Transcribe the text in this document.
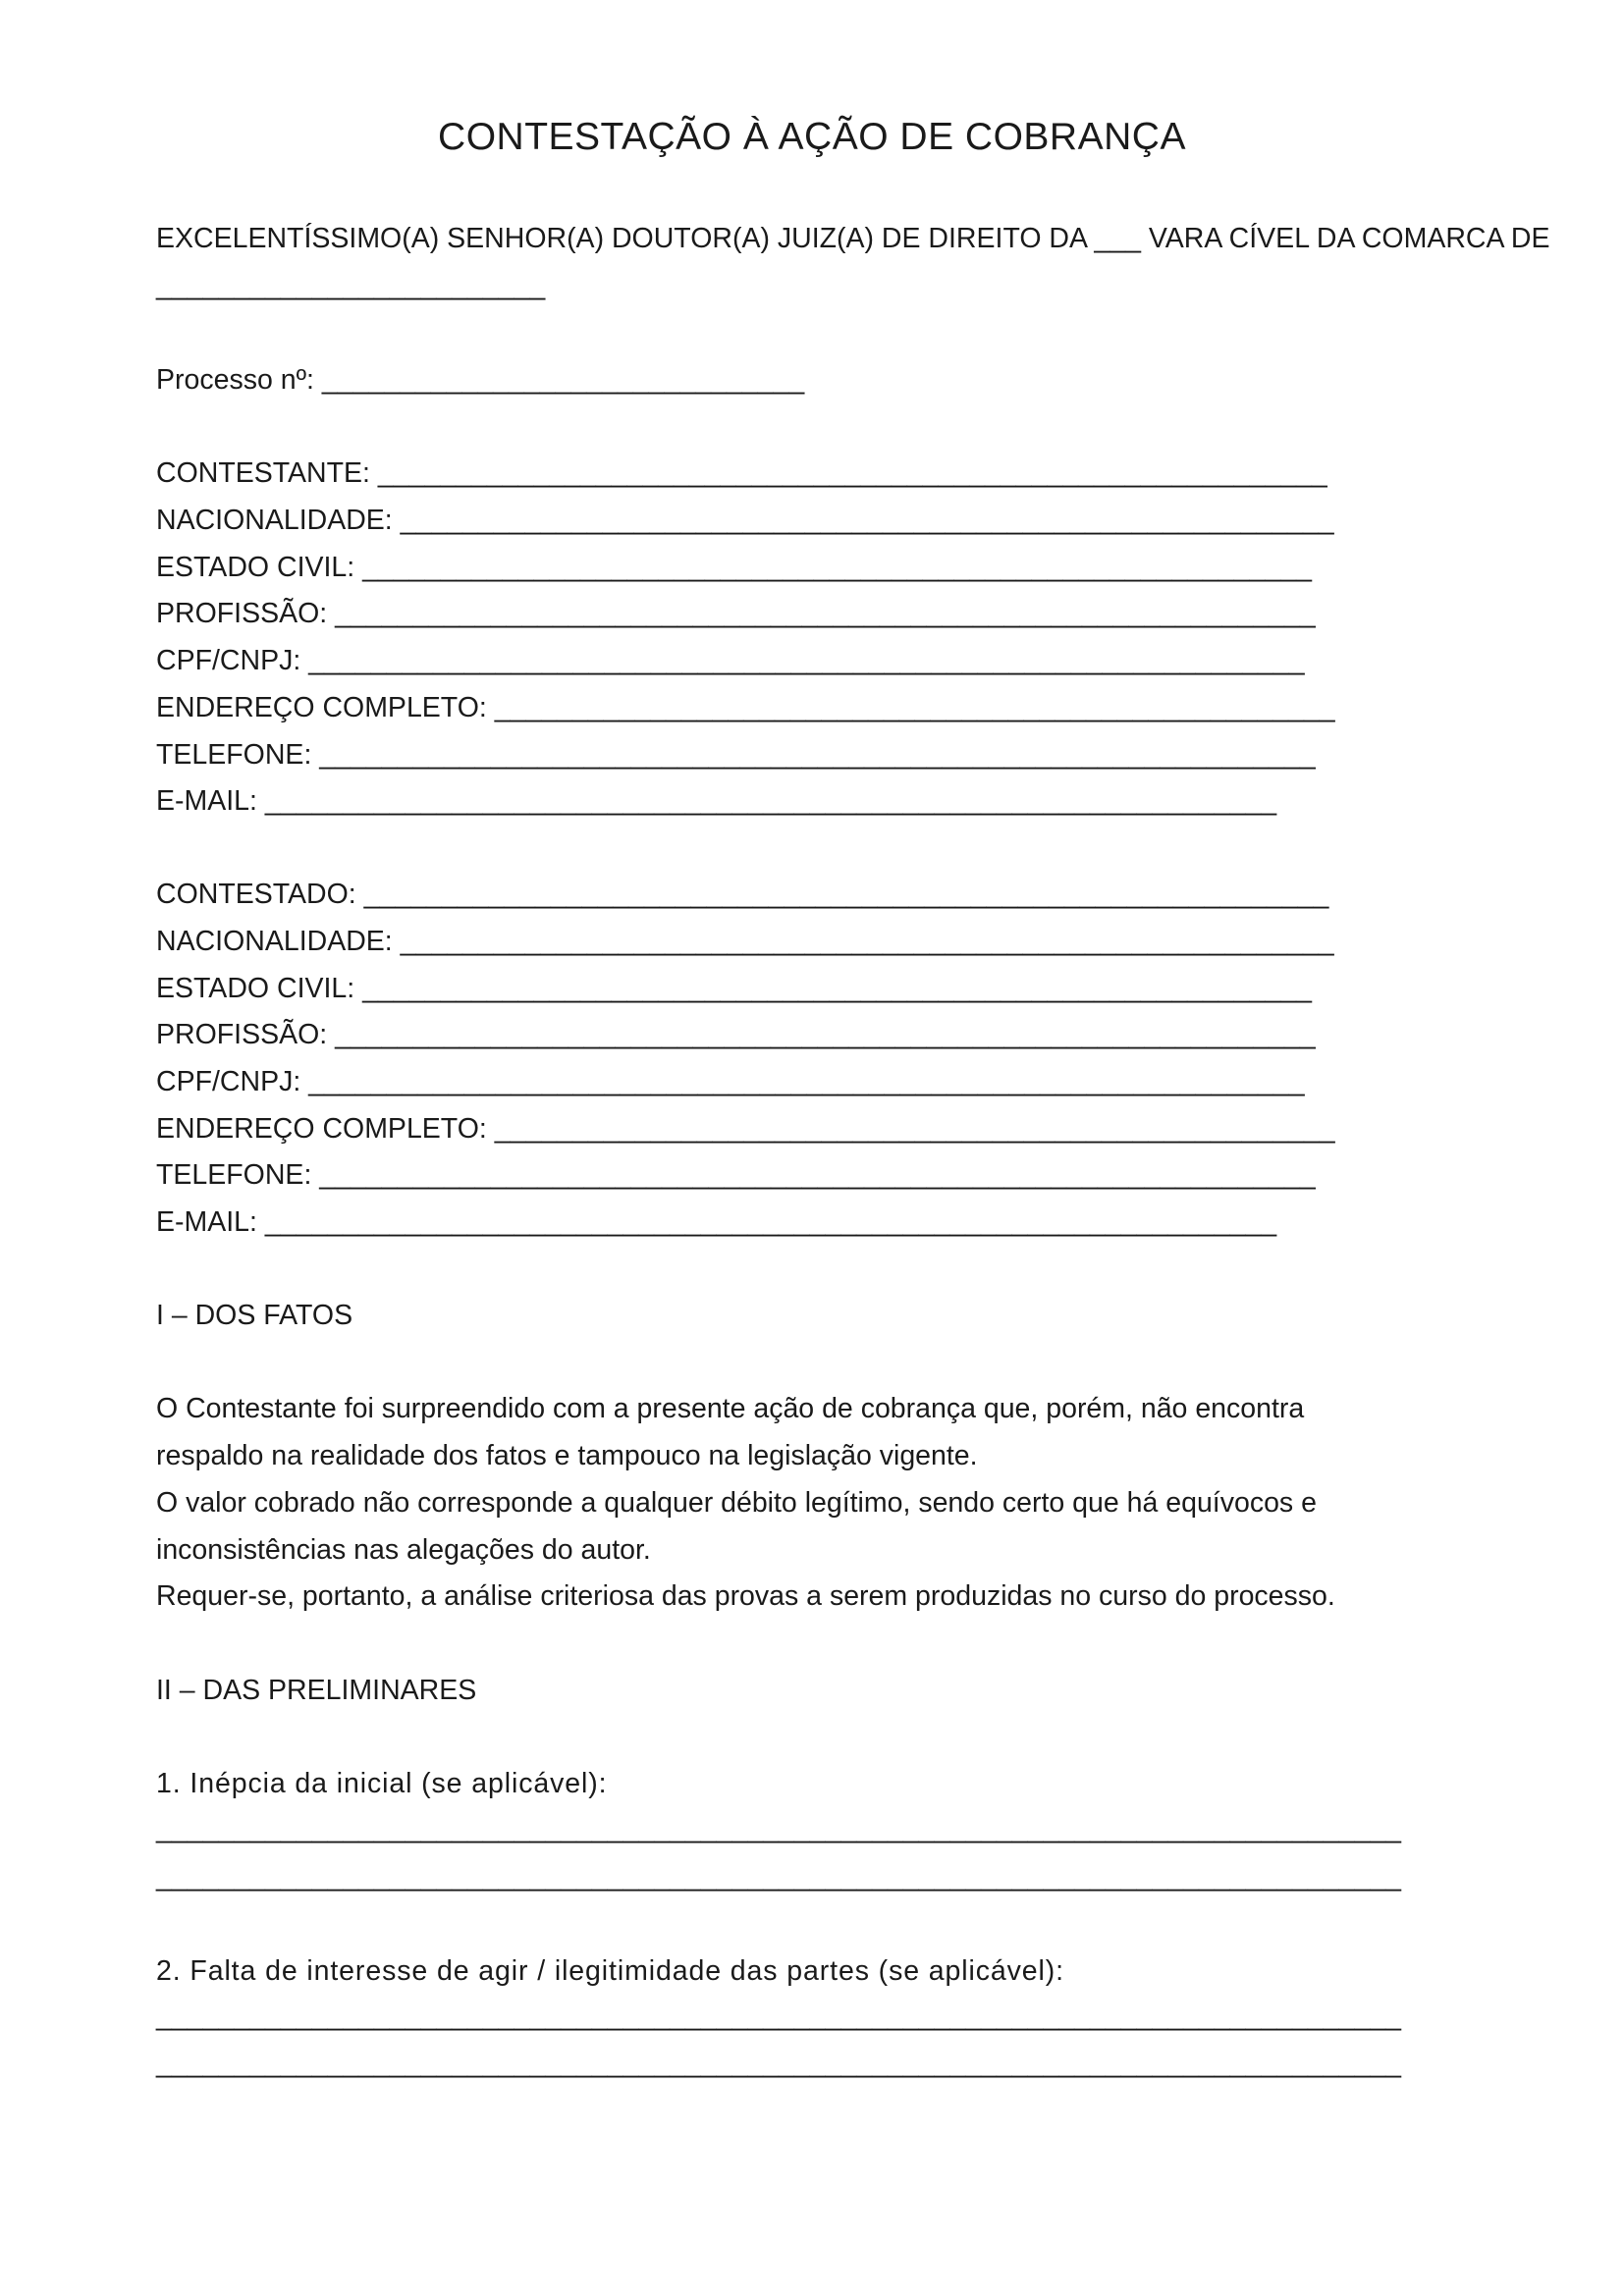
CONTESTAÇÃO À AÇÃO DE COBRANÇA
EXCELENTÍSSIMO(A) SENHOR(A) DOUTOR(A) JUIZ(A) DE DIREITO DA ___ VARA CÍVEL DA COMARCA DE
_________________________
Processo nº: _______________________________
CONTESTANTE: _____________________________________________________________
NACIONALIDADE: ____________________________________________________________
ESTADO CIVIL: _____________________________________________________________
PROFISSÃO: _______________________________________________________________
CPF/CNPJ: ________________________________________________________________
ENDEREÇO COMPLETO: ______________________________________________________
TELEFONE: ________________________________________________________________
E-MAIL: _________________________________________________________________
CONTESTADO: ______________________________________________________________
NACIONALIDADE: ____________________________________________________________
ESTADO CIVIL: _____________________________________________________________
PROFISSÃO: _______________________________________________________________
CPF/CNPJ: ________________________________________________________________
ENDEREÇO COMPLETO: ______________________________________________________
TELEFONE: ________________________________________________________________
E-MAIL: _________________________________________________________________
I – DOS FATOS
O Contestante foi surpreendido com a presente ação de cobrança que, porém, não encontra
respaldo na realidade dos fatos e tampouco na legislação vigente.
O valor cobrado não corresponde a qualquer débito legítimo, sendo certo que há equívocos e
inconsistências nas alegações do autor.
Requer-se, portanto, a análise criteriosa das provas a serem produzidas no curso do processo.
II – DAS PRELIMINARES
1. Inépcia da inicial (se aplicável):
________________________________________________________________________________
________________________________________________________________________________
2. Falta de interesse de agir / ilegitimidade das partes (se aplicável):
________________________________________________________________________________
________________________________________________________________________________
